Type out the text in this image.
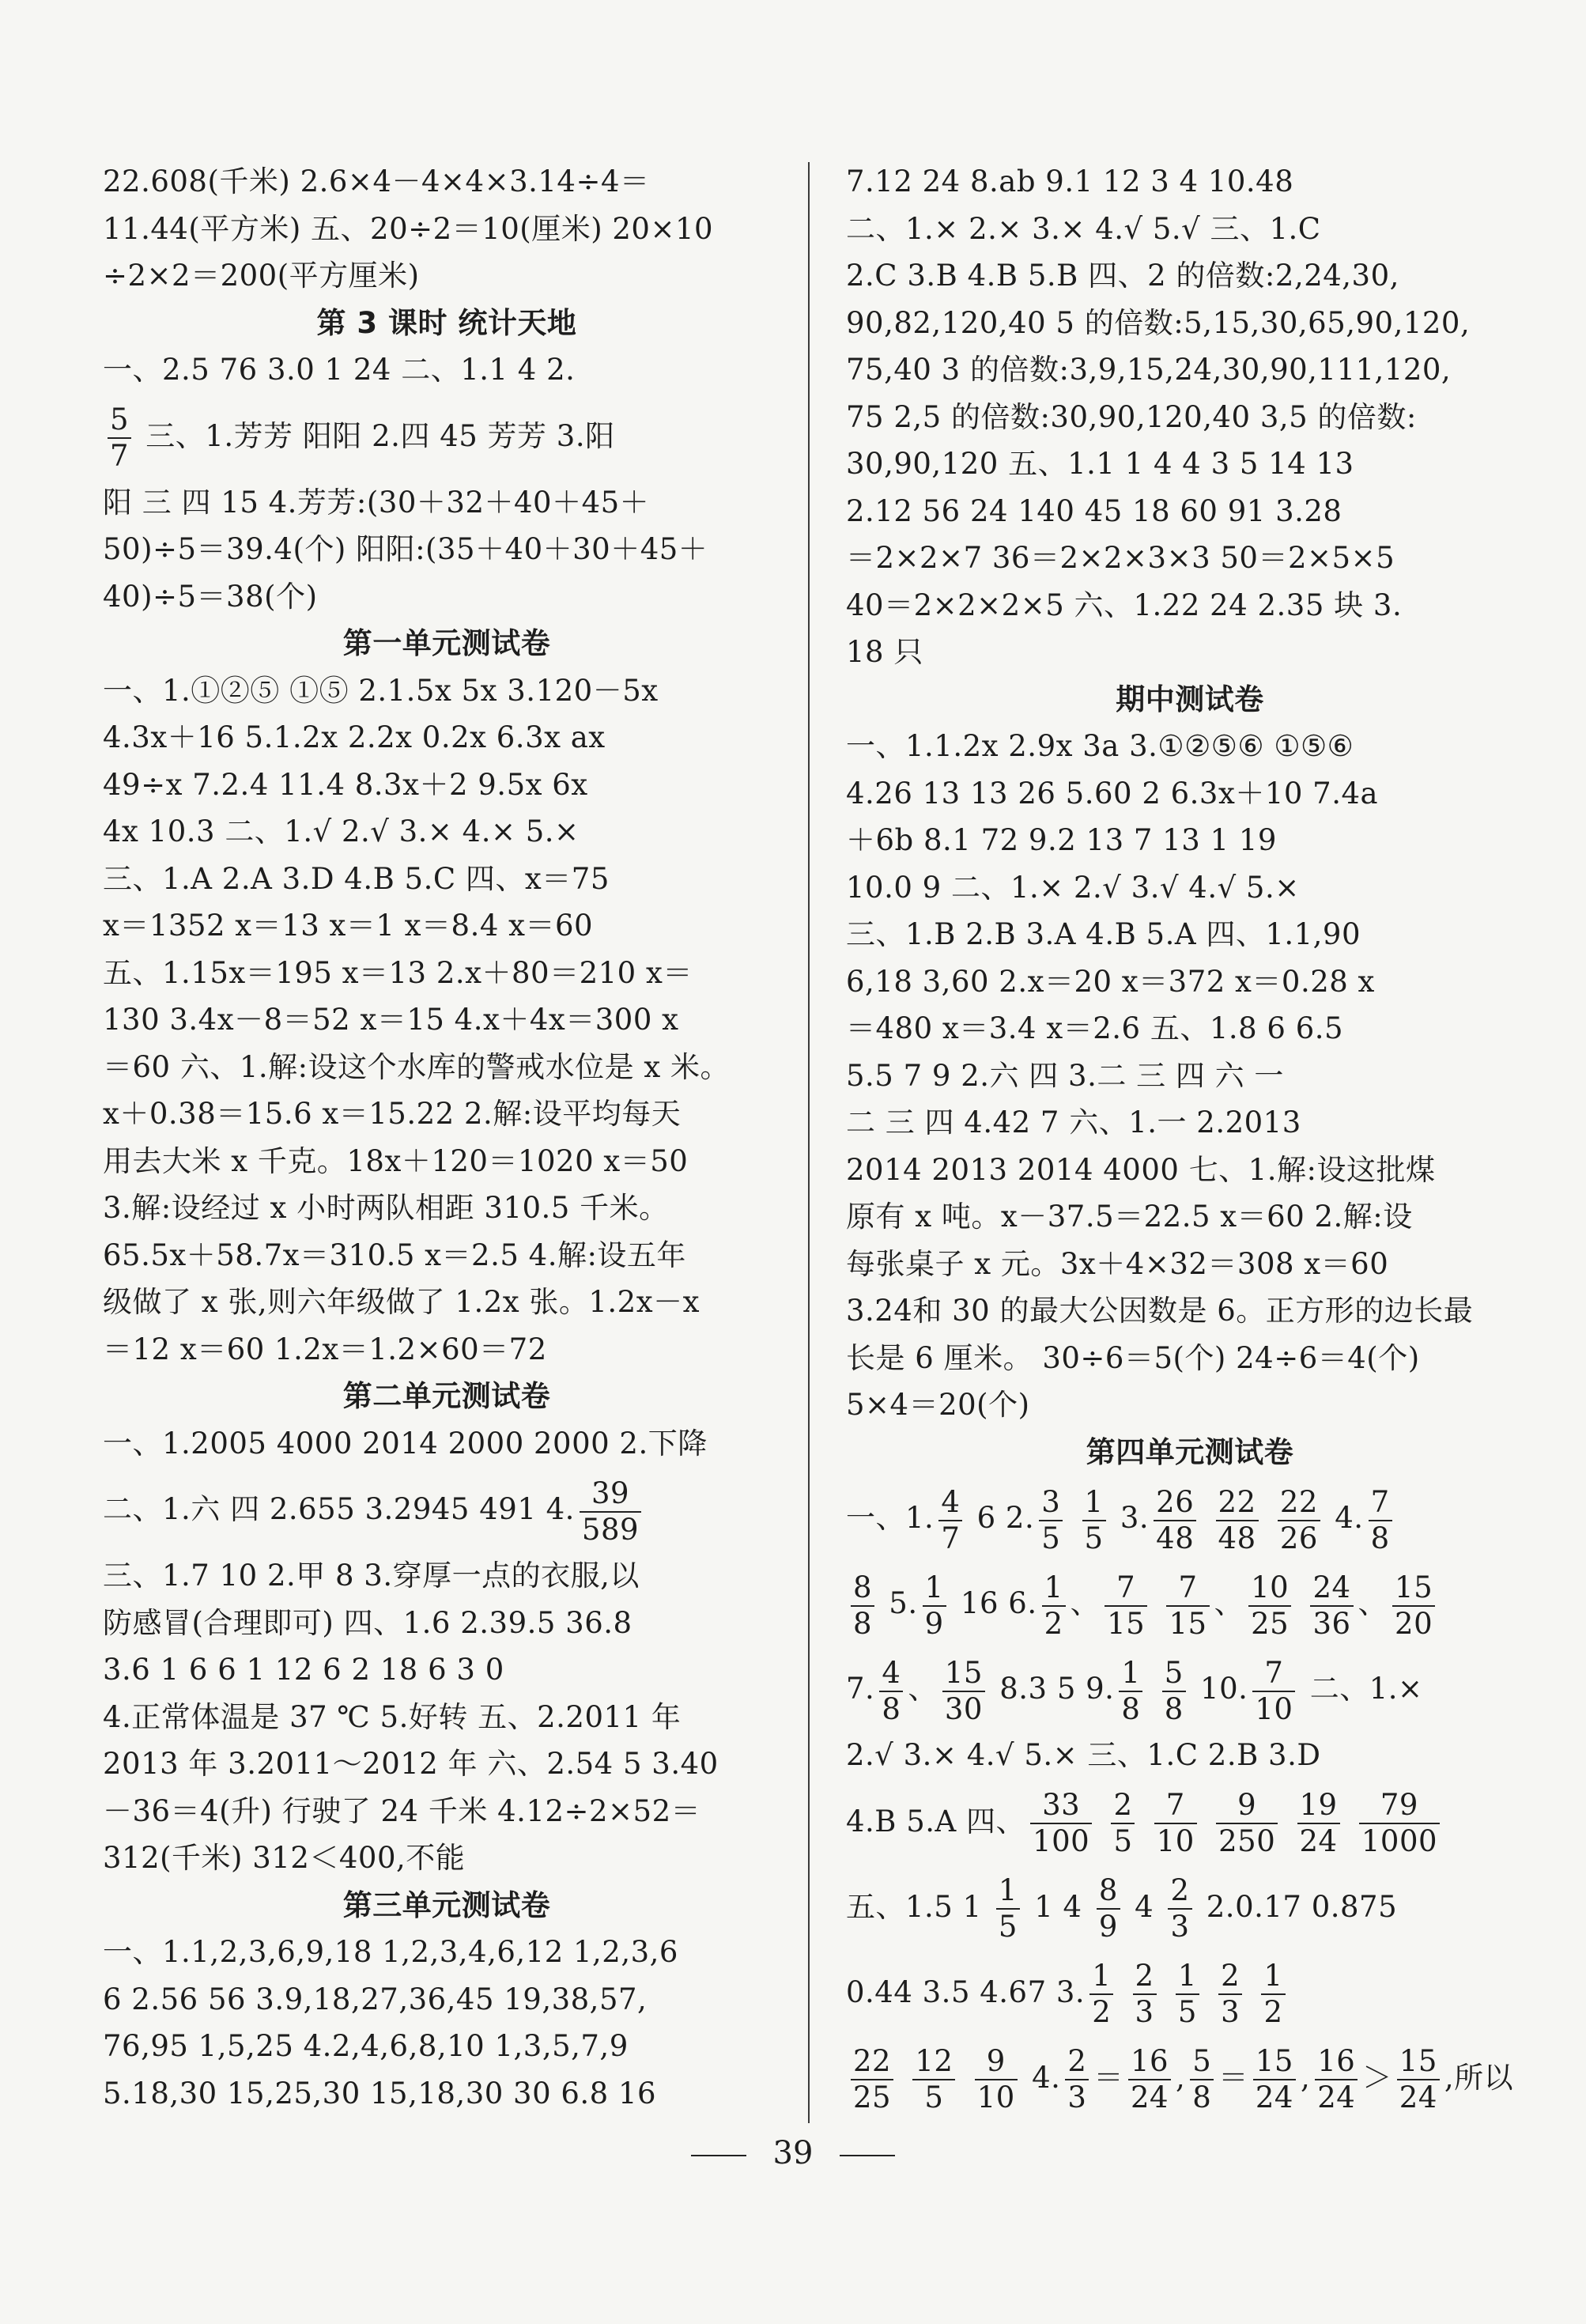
22.608(千米) 2.6×4－4×4×3.14÷4＝
11.44(平方米) 五、20÷2＝10(厘米) 20×10
÷2×2＝200(平方厘米)
第 3 课时 统计天地
一、2.5 76 3.0 1 24 二、1.1 4 2.
$\frac{5}{7}$ 三、1.芳芳 阳阳 2.四 45 芳芳 3.阳
阳 三 四 15 4.芳芳:(30＋32＋40＋45＋
50)÷5＝39.4(个) 阳阳:(35＋40＋30＋45＋
40)÷5＝38(个)
第一单元测试卷
一、1.①②⑤ ①⑤ 2.1.5x 5x 3.120－5x
4.3x＋16 5.1.2x 2.2x 0.2x 6.3x ax
49÷x 7.2.4 11.4 8.3x＋2 9.5x 6x
4x 10.3 二、1.√ 2.√ 3.× 4.× 5.×
三、1.A 2.A 3.D 4.B 5.C 四、x＝75
x＝1352 x＝13 x＝1 x＝8.4 x＝60
五、1.15x＝195 x＝13 2.x＋80＝210 x＝
130 3.4x－8＝52 x＝15 4.x＋4x＝300 x
＝60 六、1.解:设这个水库的警戒水位是 x 米。
x＋0.38＝15.6 x＝15.22 2.解:设平均每天
用去大米 x 千克。18x＋120＝1020 x＝50
3.解:设经过 x 小时两队相距 310.5 千米。
65.5x＋58.7x＝310.5 x＝2.5 4.解:设五年
级做了 x 张,则六年级做了 1.2x 张。1.2x－x
＝12 x＝60 1.2x＝1.2×60＝72
第二单元测试卷
一、1.2005 4000 2014 2000 2000 2.下降
二、1.六 四 2.655 3.2945 491 4. $\frac{39}{589}$
三、1.7 10 2.甲 8 3.穿厚一点的衣服,以
防感冒(合理即可) 四、1.6 2.39.5 36.8
3.6 1 6 6 1 12 6 2 18 6 3 0
4.正常体温是 37 ℃ 5.好转 五、2.2011 年
2013 年 3.2011～2012 年 六、2.54 5 3.40
－36＝4(升) 行驶了 24 千米 4.12÷2×52＝
312(千米) 312＜400,不能
第三单元测试卷
一、1.1,2,3,6,9,18 1,2,3,4,6,12 1,2,3,6
6 2.56 56 3.9,18,27,36,45 19,38,57,
76,95 1,5,25 4.2,4,6,8,10 1,3,5,7,9
5.18,30 15,25,30 15,18,30 30 6.8 16
7.12 24 8.ab 9.1 12 3 4 10.48
二、1.× 2.× 3.× 4.√ 5.√ 三、1.C
2.C 3.B 4.B 5.B 四、2 的倍数:2,24,30,
90,82,120,40 5 的倍数:5,15,30,65,90,120,
75,40 3 的倍数:3,9,15,24,30,90,111,120,
75 2,5 的倍数:30,90,120,40 3,5 的倍数:
30,90,120 五、1.1 1 4 4 3 5 14 13
2.12 56 24 140 45 18 60 91 3.28
＝2×2×7 36＝2×2×3×3 50＝2×5×5
40＝2×2×2×5 六、1.22 24 2.35 块 3.
18 只
期中测试卷
一、1.1.2x 2.9x 3a 3.①②⑤⑥ ①⑤⑥
4.26 13 13 26 5.60 2 6.3x＋10 7.4a
＋6b 8.1 72 9.2 13 7 13 1 19
10.0 9 二、1.× 2.√ 3.√ 4.√ 5.×
三、1.B 2.B 3.A 4.B 5.A 四、1.1,90
6,18 3,60 2.x＝20 x＝372 x＝0.28 x
＝480 x＝3.4 x＝2.6 五、1.8 6 6.5
5.5 7 9 2.六 四 3.二 三 四 六 一
二 三 四 4.42 7 六、1.一 2.2013
2014 2013 2014 4000 七、1.解:设这批煤
原有 x 吨。x－37.5＝22.5 x＝60 2.解:设
每张桌子 x 元。3x＋4×32＝308 x＝60
3.24和 30 的最大公因数是 6。正方形的边长最
长是 6 厘米。 30÷6＝5(个) 24÷6＝4(个)
5×4＝20(个)
第四单元测试卷
一、1. $\frac{4}{7} 6$ 2. $\frac{3}{5}$
$\frac{1}{5} 3$. $\frac{26}{48}$
$\frac{22}{48}$
$\frac{22}{26} 4$. $\frac{7}{8}$
$\frac{8}{8} 5$. $\frac{1}{9} 16$ 6. $\frac{1}{2}$ 、 $\frac{7}{15}$
$\frac{7}{15}$ 、 $\frac{10}{25}$
$\frac{24}{36}$ 、 $\frac{15}{20}$
7. $\frac{4}{8}$ 、 $\frac{15}{30} 8.3$ 5 9. $\frac{1}{8}$
$\frac{5}{8} 10$. $\frac{7}{10}$ 二、1.×
2.√ 3.× 4.√ 5.× 三、1.C 2.B 3.D
4.B 5.A 四、 $\frac{33}{100}$
$\frac{2}{5}$
$\frac{7}{10}$
$\frac{9}{250}$
$\frac{19}{24}$
$\frac{79}{1000}$
五、1.5 $1 \frac{1}{5} 1$ $4 \frac{8}{9} 4 \frac{2}{3} 2.0.17$ 0.875
0.44 3.5 4.67 3. $\frac{1}{2}$
$\frac{2}{3}$
$\frac{1}{5}$
$\frac{2}{3}$
$\frac{1}{2}$
$\frac{22}{25}$
$\frac{12}{5}$
$\frac{9}{10} 4$. $\frac{2}{3} = \frac{16}{24}$ , $\frac{5}{8} = \frac{15}{24}$ , $\frac{16}{24} > \frac{15}{24}$ ,所以
39
